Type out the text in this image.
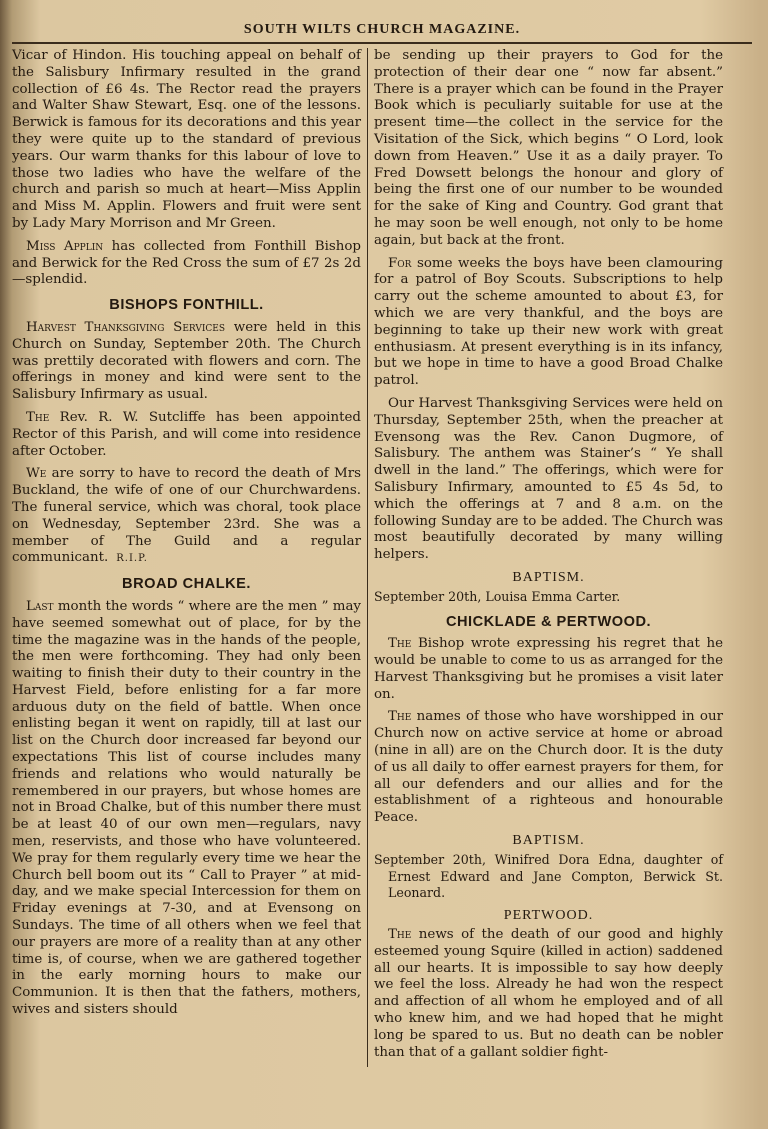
SOUTH WILTS CHURCH MAGAZINE.

Vicar of Hindon. His touching appeal on behalf of the Salisbury Infirmary resulted in the grand collection of £6 4s. The Rector read the prayers and Walter Shaw Stewart, Esq. one of the lessons. Berwick is famous for its decorations and this year they were quite up to the standard of previous years. Our warm thanks for this labour of love to those two ladies who have the welfare of the church and parish so much at heart—Miss Applin and Miss M. Applin. Flowers and fruit were sent by Lady Mary Morrison and Mr Green.

Miss Applin has collected from Fonthill Bishop and Berwick for the Red Cross the sum of £7 2s 2d—splendid.

BISHOPS FONTHILL.

Harvest Thanksgiving Services were held in this Church on Sunday, September 20th. The Church was prettily decorated with flowers and corn. The offerings in money and kind were sent to the Salisbury Infirmary as usual.

The Rev. R. W. Sutcliffe has been appointed Rector of this Parish, and will come into residence after October.

We are sorry to have to record the death of Mrs Buckland, the wife of one of our Churchwardens. The funeral service, which was choral, took place on Wednesday, September 23rd. She was a member of The Guild and a regular communicant. R.I.P.

BROAD CHALKE.

Last month the words “ where are the men ” may have seemed somewhat out of place, for by the time the magazine was in the hands of the people, the men were forthcoming. They had only been waiting to finish their duty to their country in the Harvest Field, before enlisting for a far more arduous duty on the field of battle. When once enlisting began it went on rapidly, till at last our list on the Church door increased far beyond our expectations This list of course includes many friends and relations who would naturally be remembered in our prayers, but whose homes are not in Broad Chalke, but of this number there must be at least 40 of our own men—regulars, navy men, reservists, and those who have volunteered. We pray for them regularly every time we hear the Church bell boom out its “ Call to Prayer ” at mid-day, and we make special Intercession for them on Friday evenings at 7-30, and at Evensong on Sundays. The time of all others when we feel that our prayers are more of a reality than at any other time is, of course, when we are gathered together in the early morning hours to make our Communion. It is then that the fathers, mothers, wives and sisters should

be sending up their prayers to God for the protection of their dear one “ now far absent.” There is a prayer which can be found in the Prayer Book which is peculiarly suitable for use at the present time—the collect in the service for the Visitation of the Sick, which begins “ O Lord, look down from Heaven.” Use it as a daily prayer. To Fred Dowsett belongs the honour and glory of being the first one of our number to be wounded for the sake of King and Country. God grant that he may soon be well enough, not only to be home again, but back at the front.

For some weeks the boys have been clamouring for a patrol of Boy Scouts. Subscriptions to help carry out the scheme amounted to about £3, for which we are very thankful, and the boys are beginning to take up their new work with great enthusiasm. At present everything is in its infancy, but we hope in time to have a good Broad Chalke patrol.

Our Harvest Thanksgiving Services were held on Thursday, September 25th, when the preacher at Evensong was the Rev. Canon Dugmore, of Salisbury. The anthem was Stainer’s “ Ye shall dwell in the land.” The offerings, which were for Salisbury Infirmary, amounted to £5 4s 5d, to which the offerings at 7 and 8 a.m. on the following Sunday are to be added. The Church was most beautifully decorated by many willing helpers.

BAPTISM.

September 20th, Louisa Emma Carter.

CHICKLADE & PERTWOOD.

The Bishop wrote expressing his regret that he would be unable to come to us as arranged for the Harvest Thanksgiving but he promises a visit later on.

The names of those who have worshipped in our Church now on active service at home or abroad (nine in all) are on the Church door. It is the duty of us all daily to offer earnest prayers for them, for all our defenders and our allies and for the establishment of a righteous and honourable Peace.

BAPTISM.

September 20th, Winifred Dora Edna, daughter of Ernest Edward and Jane Compton, Berwick St. Leonard.

PERTWOOD.

The news of the death of our good and highly esteemed young Squire (killed in action) saddened all our hearts. It is impossible to say how deeply we feel the loss. Already he had won the respect and affection of all whom he employed and of all who knew him, and we had hoped that he might long be spared to us. But no death can be nobler than that of a gallant soldier fight-
